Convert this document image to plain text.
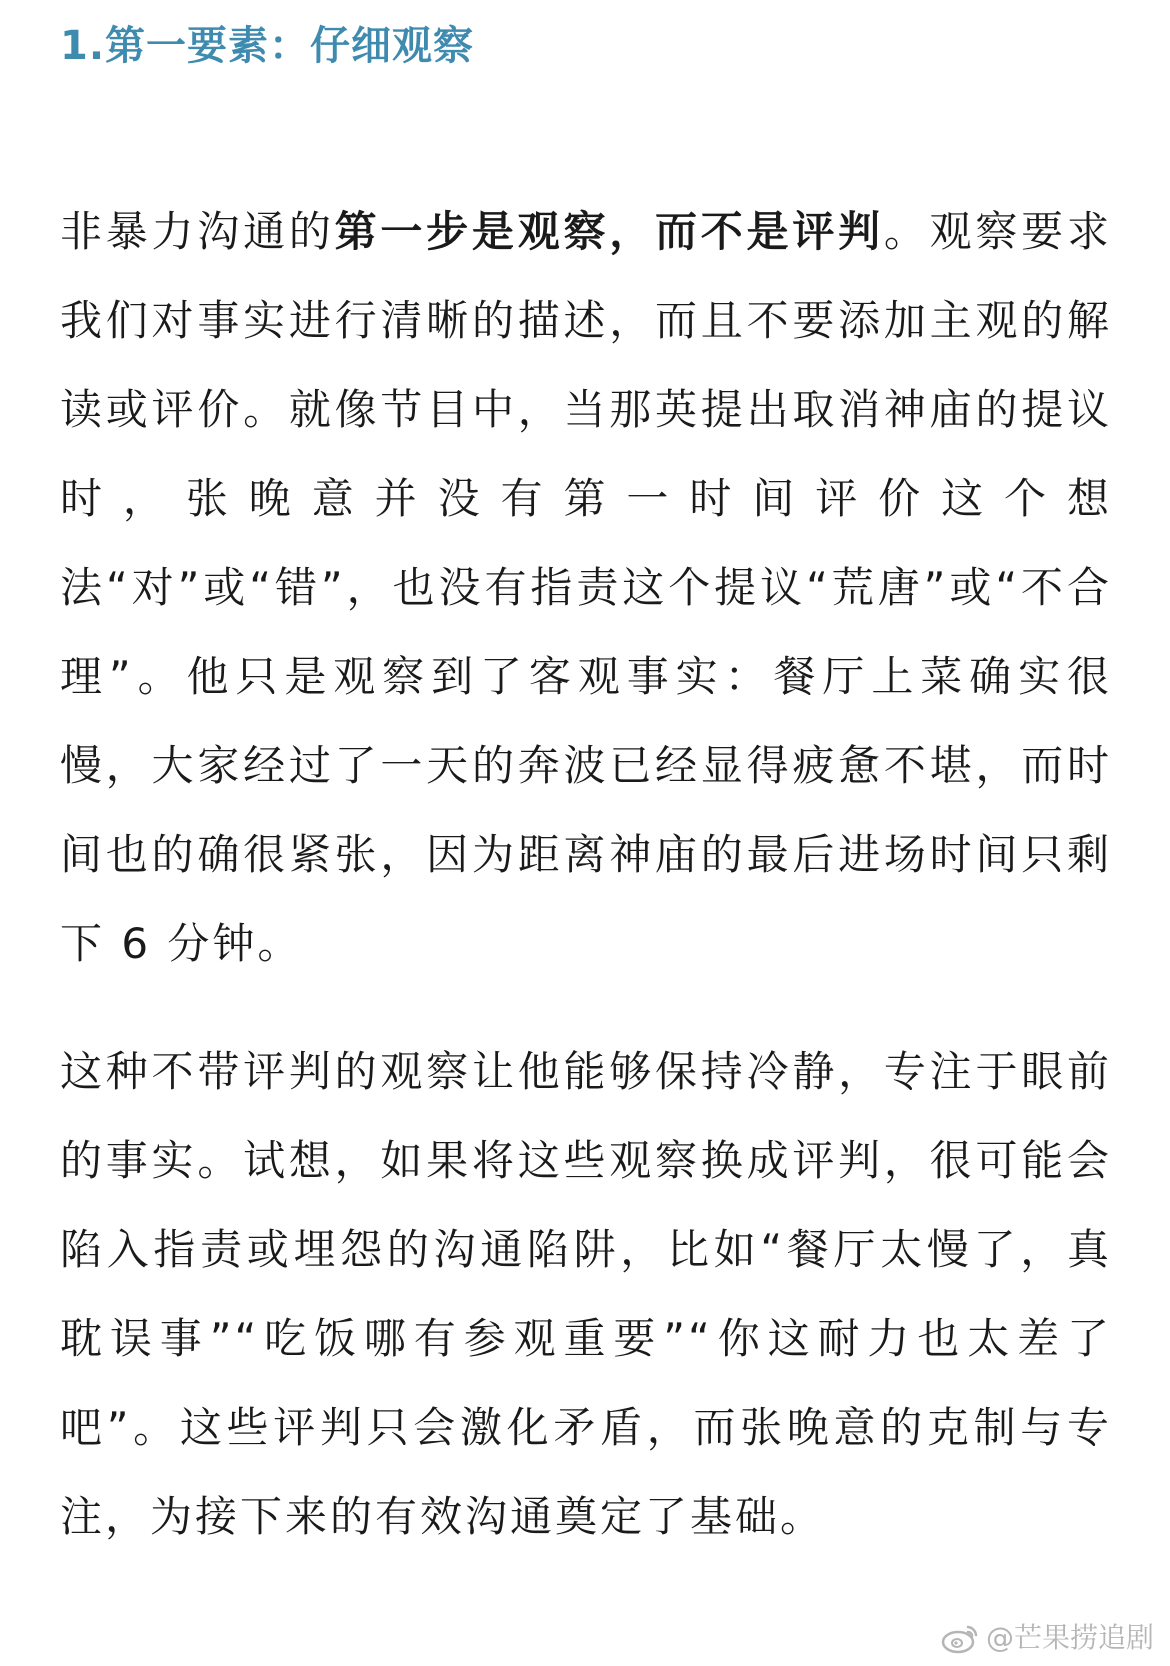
1.第一要素：仔细观察

非暴力沟通的第一步是观察，而不是评判。观察要求我们对事实进行清晰的描述，而且不要添加主观的解读或评价。就像节目中，当那英提出取消神庙的提议时，张晚意并没有第一时间评价这个想法“对”或“错”，也没有指责这个提议“荒唐”或“不合理”。他只是观察到了客观事实：餐厅上菜确实很慢，大家经过了一天的奔波已经显得疲惫不堪，而时间也的确很紧张，因为距离神庙的最后进场时间只剩下 6 分钟。

这种不带评判的观察让他能够保持冷静，专注于眼前的事实。试想，如果将这些观察换成评判，很可能会陷入指责或埋怨的沟通陷阱，比如“餐厅太慢了，真耽误事”“吃饭哪有参观重要”“你这耐力也太差了吧”。这些评判只会激化矛盾，而张晚意的克制与专注，为接下来的有效沟通奠定了基础。

@芒果捞追剧
